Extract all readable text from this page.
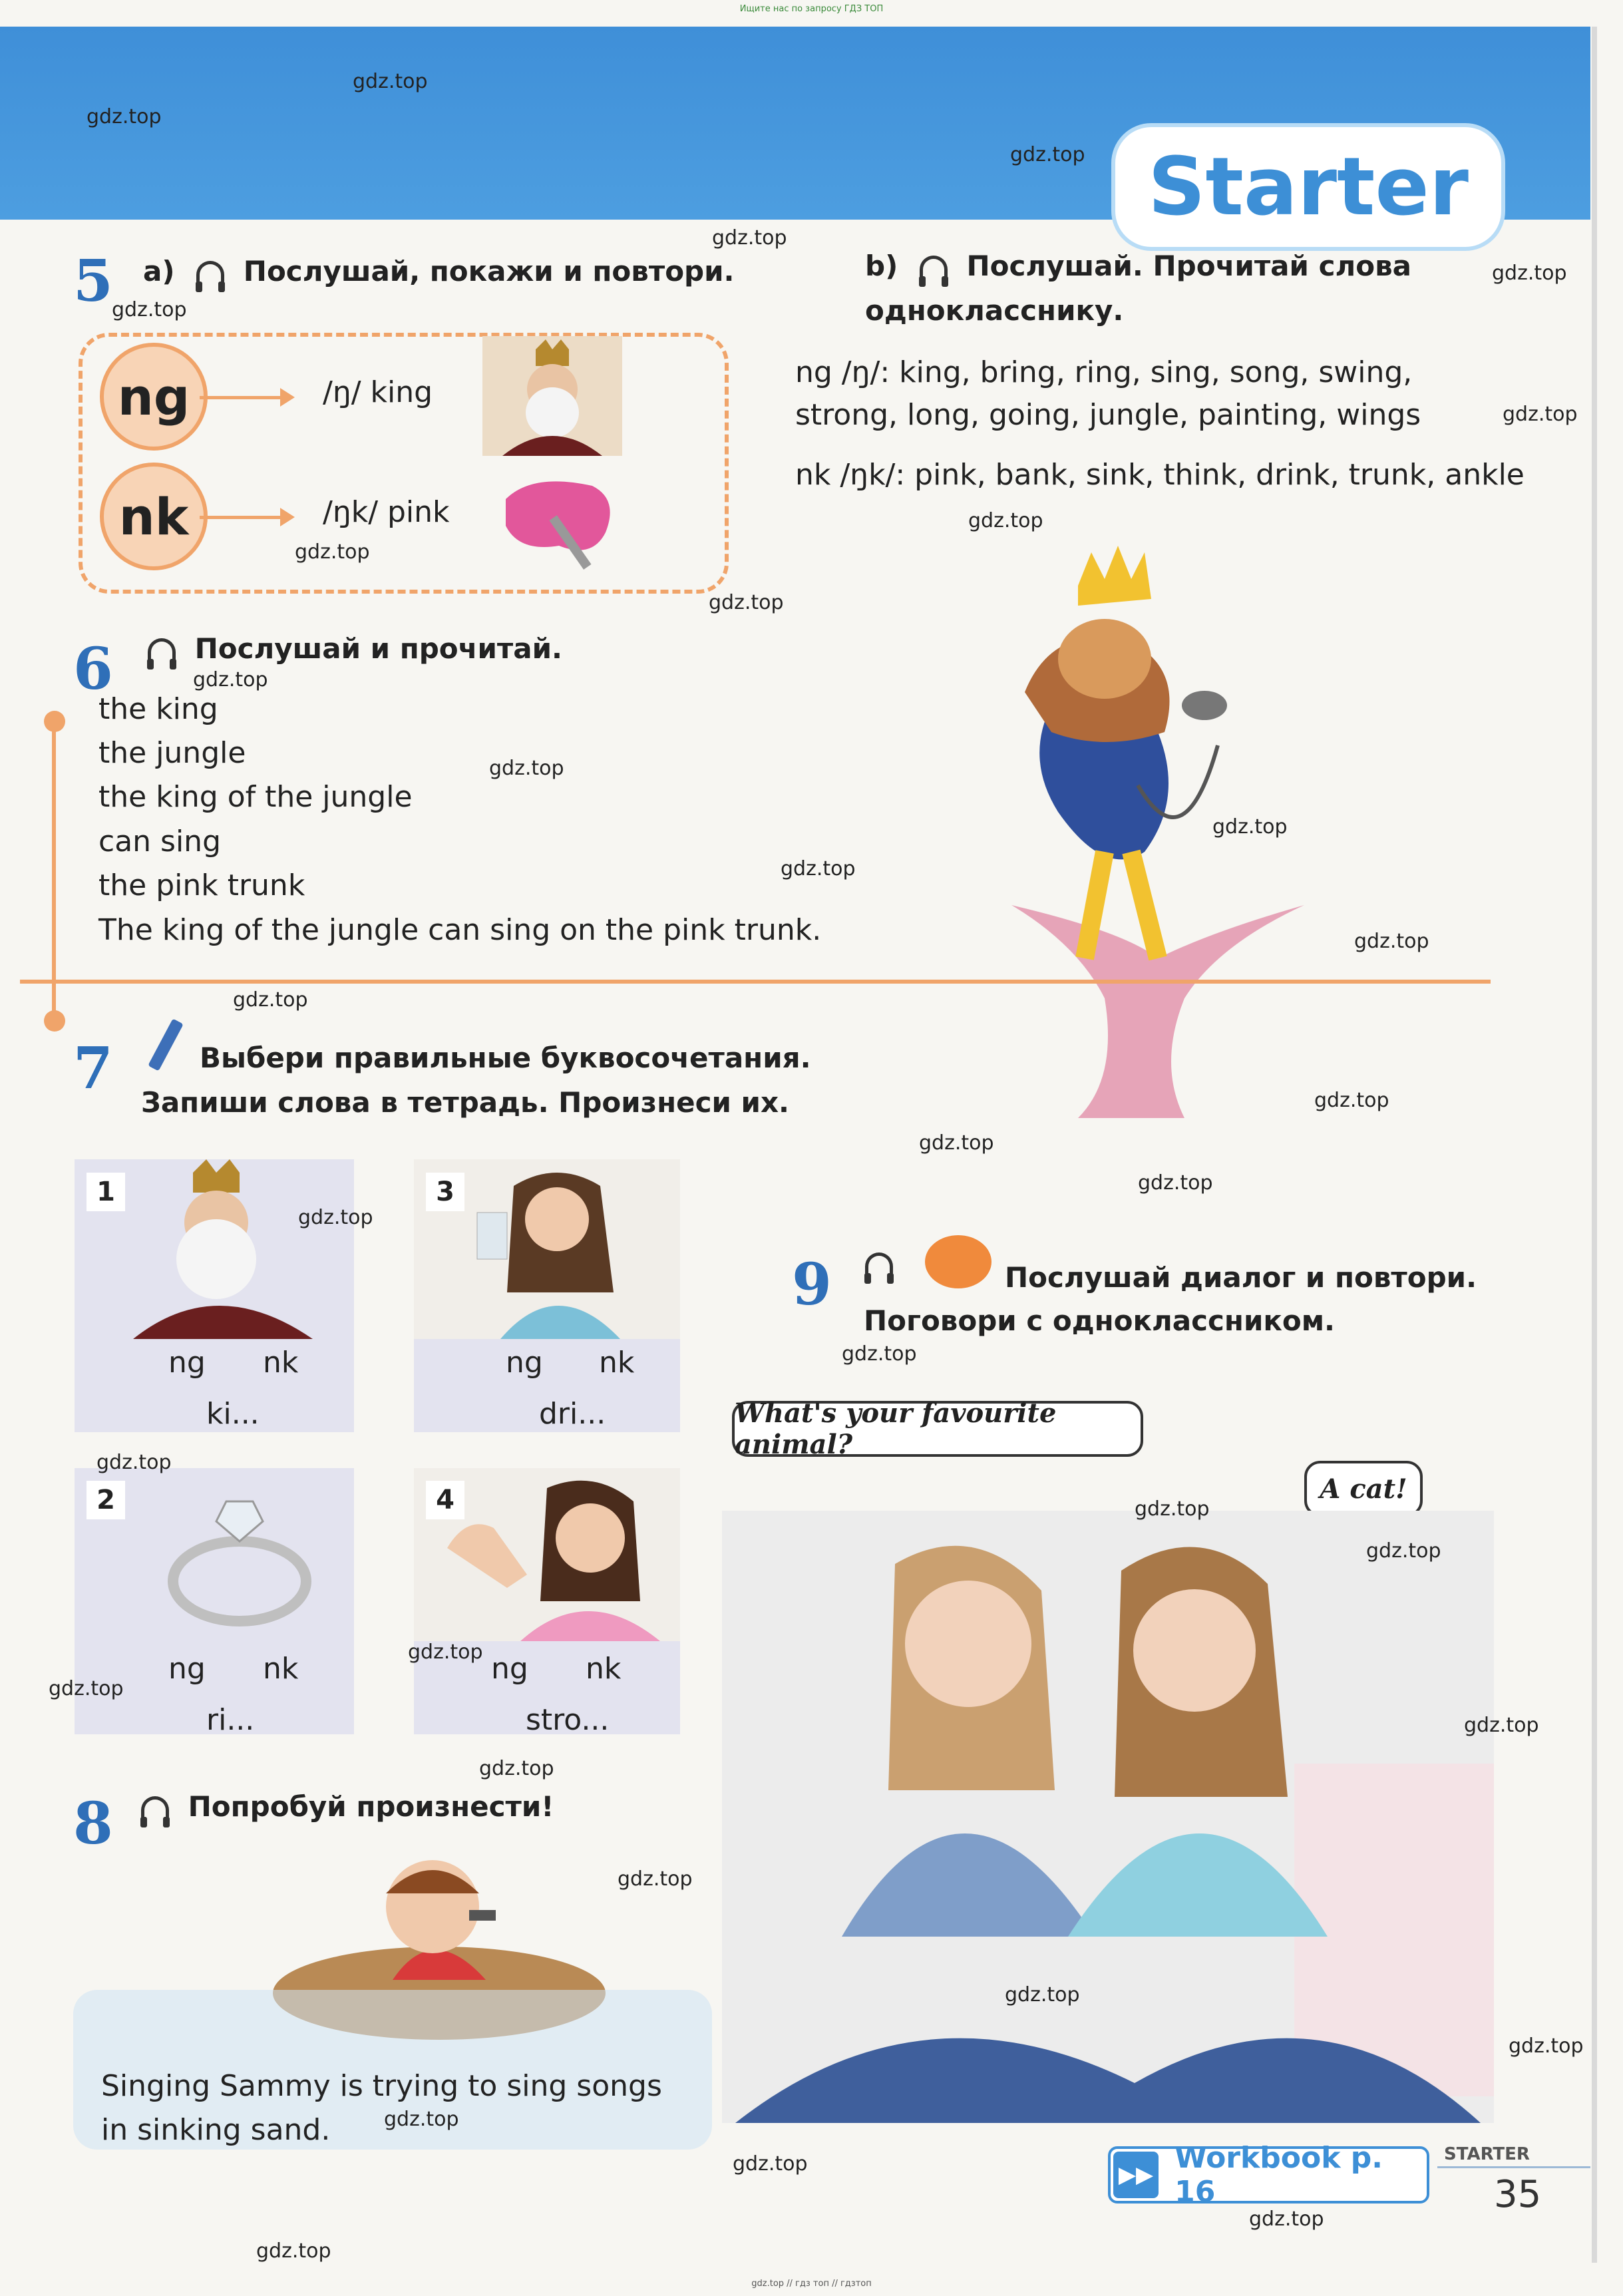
Ищите нас по запросу ГДЗ ТОП
Starter
5 a) Послушай, покажи и повтори.
ng	/ŋ/ king
nk	/ŋk/ pink
b) Послушай. Прочитай слова
однокласснику.
ng /ŋ/: king, bring, ring, sing, song, swing,
strong, long, going, jungle, painting, wings
nk /ŋk/: pink, bank, sink, think, drink, trunk, ankle
6	Послушай и прочитай.
the king
the jungle
the king of the jungle
can sing
the pink trunk
The king of the jungle can sing on the pink trunk.
7	Выбери правильные буквосочетания.
Запиши слова в тетрадь. Произнеси их.
1
ng nk
ki...
3
ng nk
dri...
2
ng nk
ri...
4
ng nk
stro...
8	Попробуй произнести!
Singing Sammy is trying to sing songs
in sinking sand.
9	Послушай диалог и повтори.
Поговори с одноклассником.
What's your favourite animal?
A cat!
▶▶ Workbook p. 16
STARTER
35
gdz.top // гдз топ // гдзтоп
gdz.top
gdz.top
gdz.top
gdz.top
gdz.top
gdz.top
gdz.top
gdz.top
gdz.top
gdz.top
gdz.top
gdz.top
gdz.top
gdz.top
gdz.top
gdz.top
gdz.top
gdz.top
gdz.top
gdz.top
gdz.top
gdz.top
gdz.top
gdz.top
gdz.top
gdz.top
gdz.top
gdz.top
gdz.top
gdz.top
gdz.top
gdz.top
gdz.top
gdz.top
gdz.top
